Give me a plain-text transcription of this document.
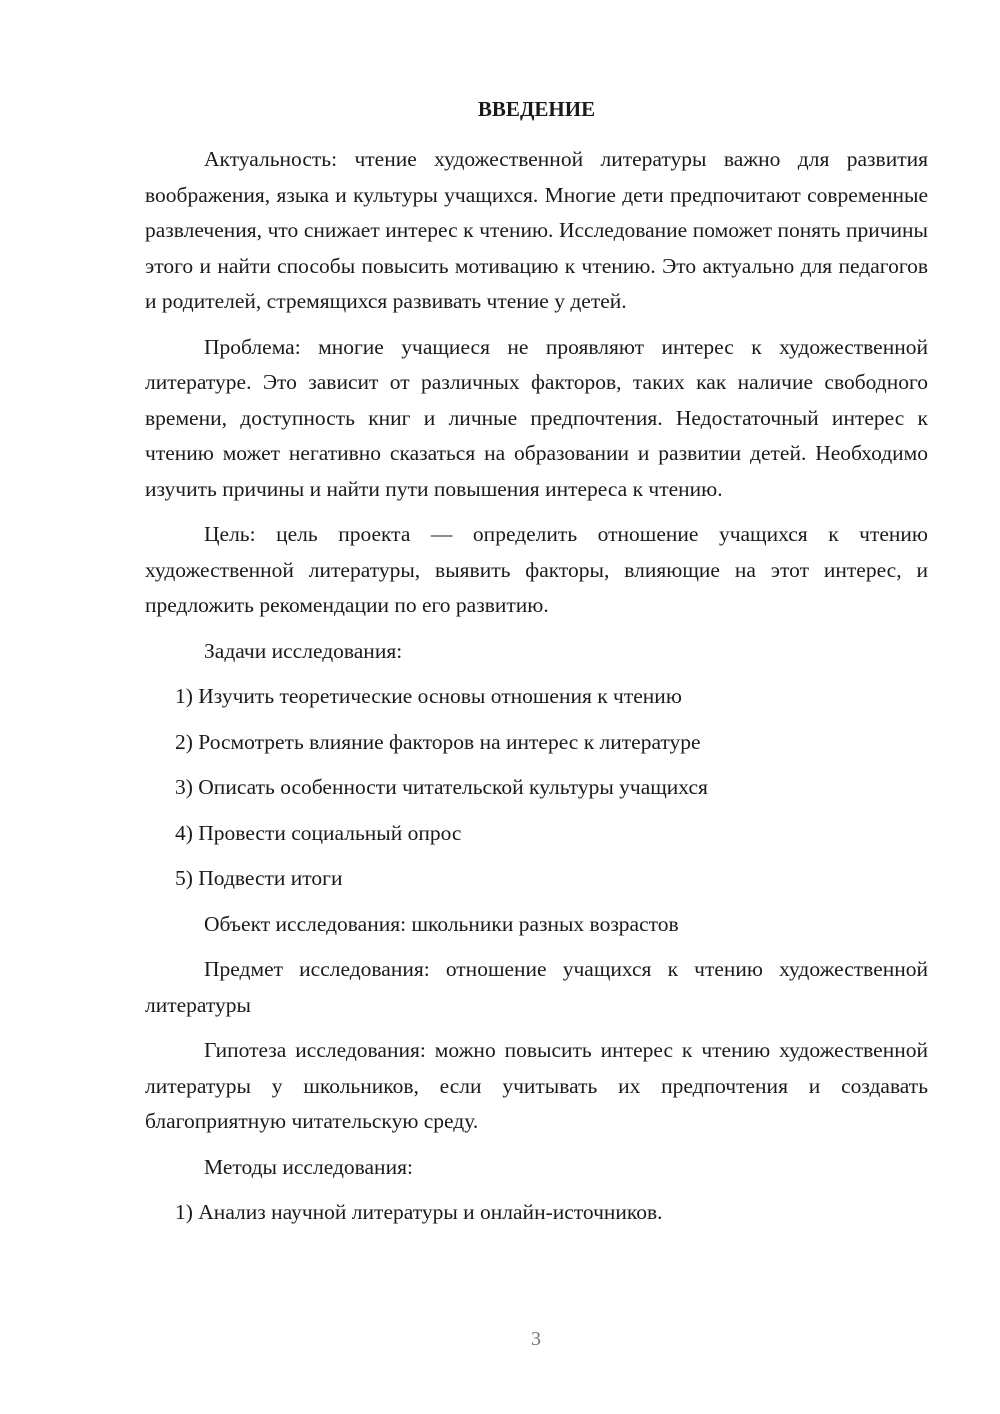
ВВЕДЕНИЕ

Актуальность: чтение художественной литературы важно для развития воображения, языка и культуры учащихся. Многие дети предпочитают современные развлечения, что снижает интерес к чтению. Исследование поможет понять причины этого и найти способы повысить мотивацию к чтению. Это актуально для педагогов и родителей, стремящихся развивать чтение у детей.

Проблема: многие учащиеся не проявляют интерес к художественной литературе. Это зависит от различных факторов, таких как наличие свободного времени, доступность книг и личные предпочтения. Недостаточный интерес к чтению может негативно сказаться на образовании и развитии детей. Необходимо изучить причины и найти пути повышения интереса к чтению.

Цель: цель проекта — определить отношение учащихся к чтению художественной литературы, выявить факторы, влияющие на этот интерес, и предложить рекомендации по его развитию.

Задачи исследования:

1) Изучить теоретические основы отношения к чтению

2) Росмотреть влияние факторов на интерес к литературе

3) Описать особенности читательской культуры учащихся

4) Провести социальный опрос

5) Подвести итоги

Объект исследования: школьники разных возрастов

Предмет исследования: отношение учащихся к чтению художественной литературы

Гипотеза исследования: можно повысить интерес к чтению художественной литературы у школьников, если учитывать их предпочтения и создавать благоприятную читательскую среду.

Методы исследования:

1) Анализ научной литературы и онлайн-источников.

3
